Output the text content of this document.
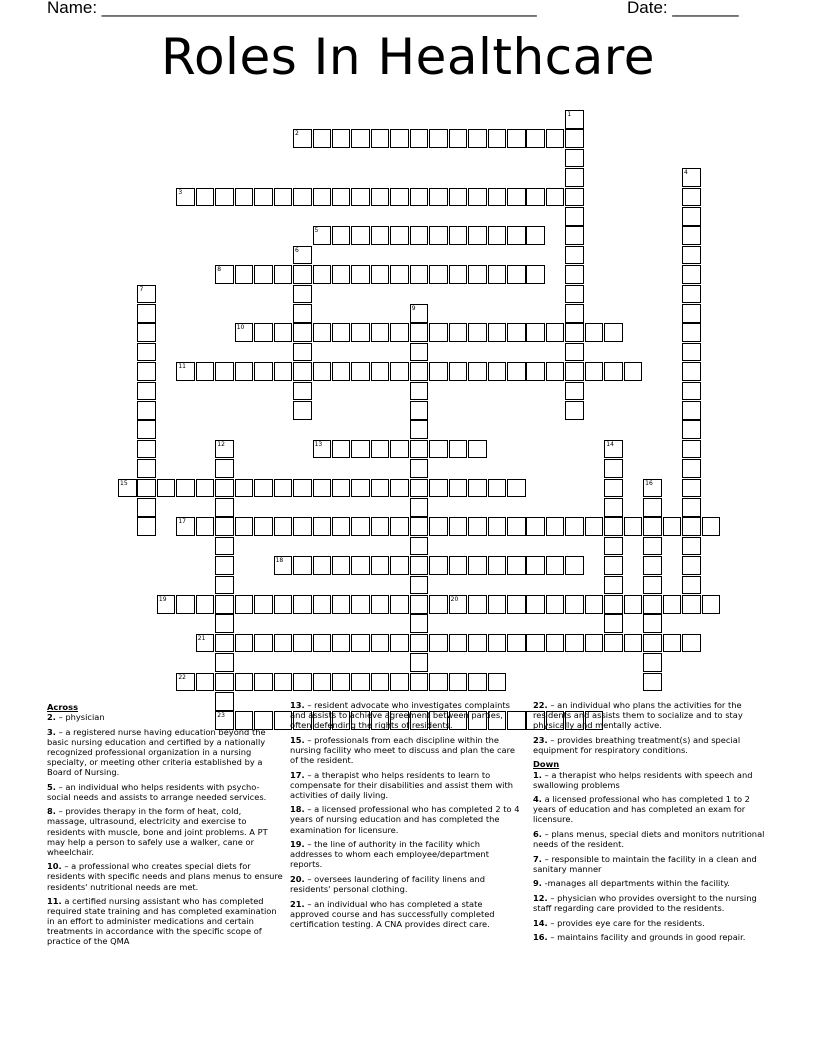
Name: ______________________________________________	Date: _______
Roles In Healthcare
2
3
5
8
10
11
13
15
17
18
19	20
21
22
23
1
4
6
7
9
12	14
16
Across
2. – physician
3. – a registered nurse having education beyond the basic nursing education and certified by a nationally recognized professional organization in a nursing specialty, or meeting other criteria established by a Board of Nursing.
5. – an individual who helps residents with psycho-social needs and assists to arrange needed services.
8. – provides therapy in the form of heat, cold, massage, ultrasound, electricity and exercise to residents with muscle, bone and joint problems. A PT may help a person to safely use a walker, cane or wheelchair.
10. – a professional who creates special diets for residents with specific needs and plans menus to ensure residents' nutritional needs are met.
11. a certified nursing assistant who has completed required state training and has completed examination in an effort to administer medications and certain treatments in accordance with the specific scope of practice of the QMA
13. – resident advocate who investigates complaints and assists to achieve agreement between parties, often defending the rights of residents.
15. – professionals from each discipline within the nursing facility who meet to discuss and plan the care of the resident.
17. – a therapist who helps residents to learn to compensate for their disabilities and assist them with activities of daily living.
18. – a licensed professional who has completed 2 to 4 years of nursing education and has completed the examination for licensure.
19. – the line of authority in the facility which addresses to whom each employee/department reports.
20. – oversees laundering of facility linens and residents' personal clothing.
21. – an individual who has completed a state approved course and has successfully completed certification testing. A CNA provides direct care.
22. – an individual who plans the activities for the residents and assists them to socialize and to stay physically and mentally active.
23. – provides breathing treatment(s) and special equipment for respiratory conditions.
Down
1. – a therapist who helps residents with speech and swallowing problems
4. a licensed professional who has completed 1 to 2 years of education and has completed an exam for licensure.
6. – plans menus, special diets and monitors nutritional needs of the resident.
7. – responsible to maintain the facility in a clean and sanitary manner
9. -manages all departments within the facility.
12. – physician who provides oversight to the nursing staff regarding care provided to the residents.
14. – provides eye care for the residents.
16. – maintains facility and grounds in good repair.
